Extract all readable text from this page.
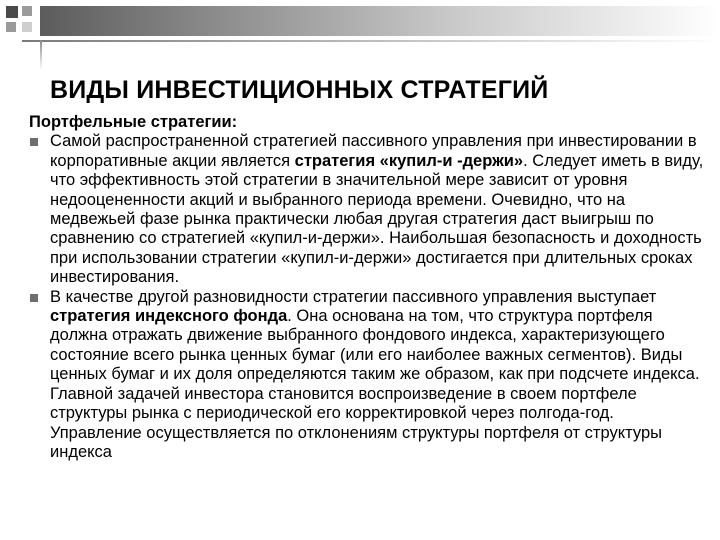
ВИДЫ ИНВЕСТИЦИОННЫХ СТРАТЕГИЙ
Портфельные стратегии:
Самой распространенной стратегией пассивного управления при инвестировании в корпоративные акции является стратегия «купил-и -держи». Следует иметь в виду, что эффективность этой стратегии в значительной мере зависит от уровня недооцененности акций и выбранного периода времени. Очевидно, что на медвежьей фазе рынка практически любая другая стратегия даст выигрыш по сравнению со стратегией «купил-и-держи». Наибольшая безопасность и доходность при использовании стратегии «купил-и-держи» достигается при длительных сроках инвестирования.
В качестве другой разновидности стратегии пассивного управления выступает стратегия индексного фонда. Она основана на том, что структура портфеля должна отражать движение выбранного фондового индекса, характеризующего состояние всего рынка ценных бумаг (или его наиболее важных сегментов). Виды ценных бумаг и их доля определяются таким же образом, как при подсчете индекса. Главной задачей инвестора становится воспроизведение в своем портфеле структуры рынка с периодической его корректировкой через полгода-год. Управление осуществляется по отклонениям структуры портфеля от структуры индекса
